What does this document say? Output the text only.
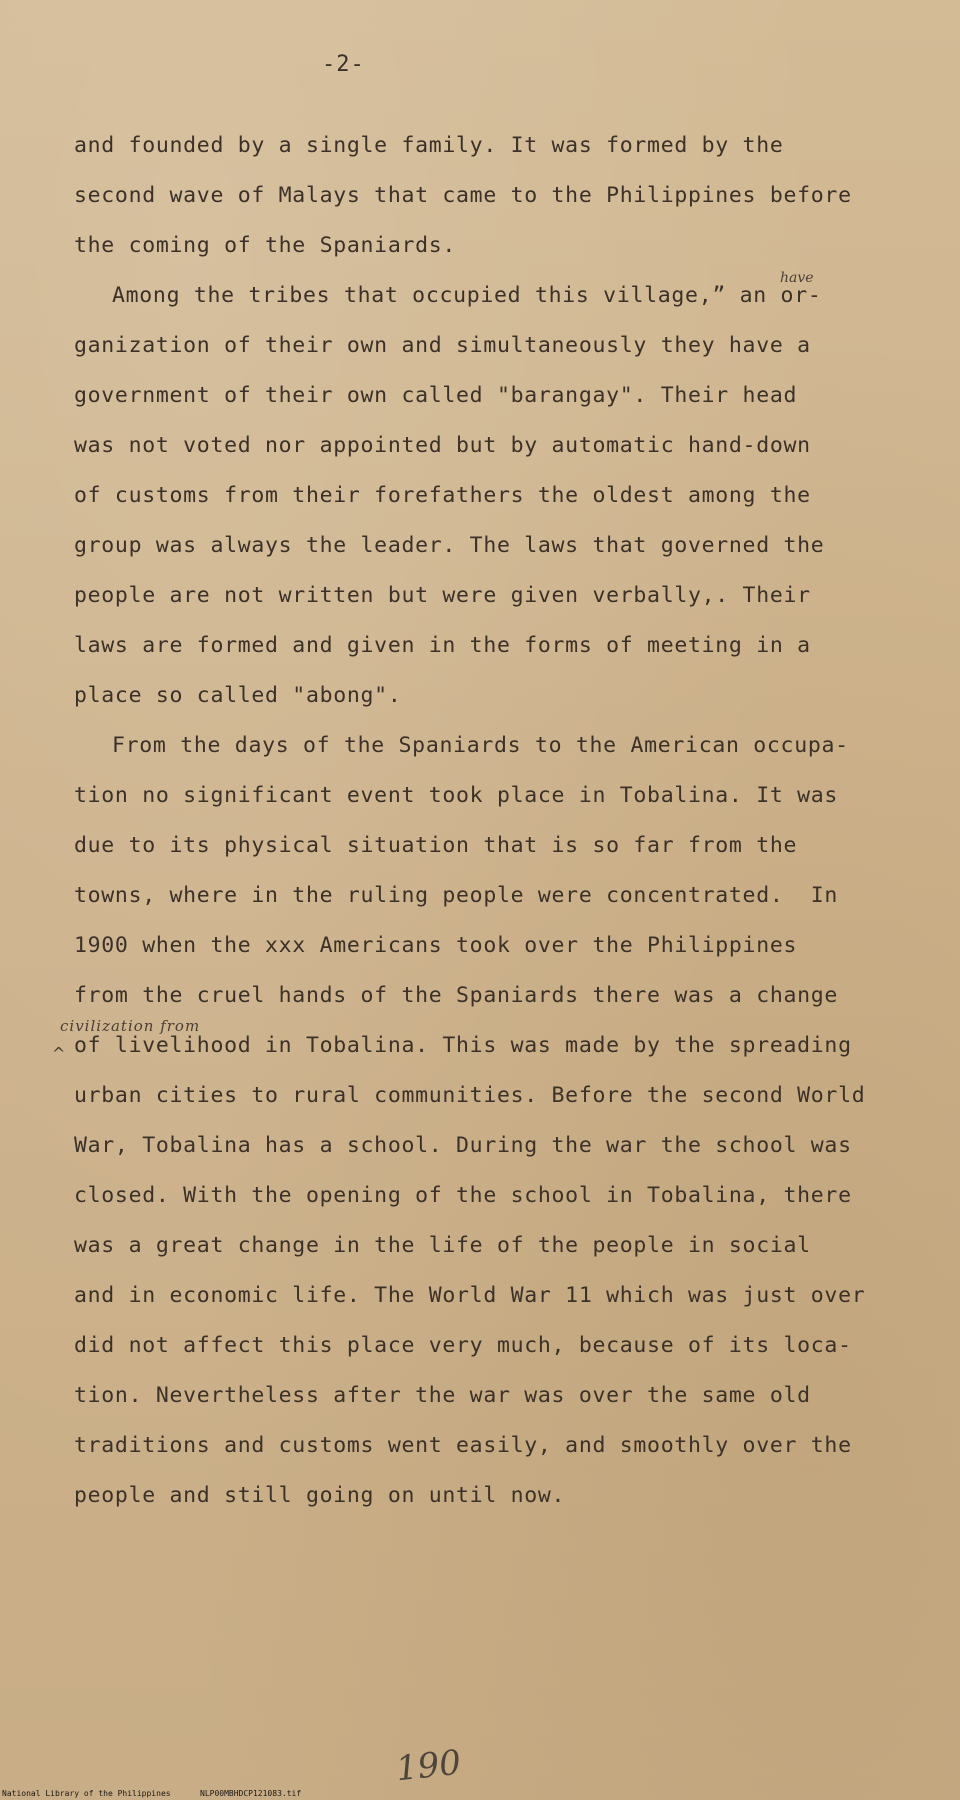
-2-
and founded by a single family. It was formed by the
second wave of Malays that came to the Philippines before
the coming of the Spaniards.
Among the tribes that occupied this village,” an or-
ganization of their own and simultaneously they have a
government of their own called "barangay". Their head
was not voted nor appointed but by automatic hand-down
of customs from their forefathers the oldest among the
group was always the leader. The laws that governed the
people are not written but were given verbally,. Their
laws are formed and given in the forms of meeting in a
place so called "abong".
From the days of the Spaniards to the American occupa-
tion no significant event took place in Tobalina. It was
due to its physical situation that is so far from the
towns, where in the ruling people were concentrated.  In
1900 when the xxx Americans took over the Philippines
from the cruel hands of the Spaniards there was a change
of livelihood in Tobalina. This was made by the spreading
urban cities to rural communities. Before the second World
War, Tobalina has a school. During the war the school was
closed. With the opening of the school in Tobalina, there
was a great change in the life of the people in social
and in economic life. The World War 11 which was just over
did not affect this place very much, because of its loca-
tion. Nevertheless after the war was over the same old
traditions and customs went easily, and smoothly over the
people and still going on until now.
have
civilization from
^
190
National Library of the Philippines	NLP00MBHDCP121083.tif
